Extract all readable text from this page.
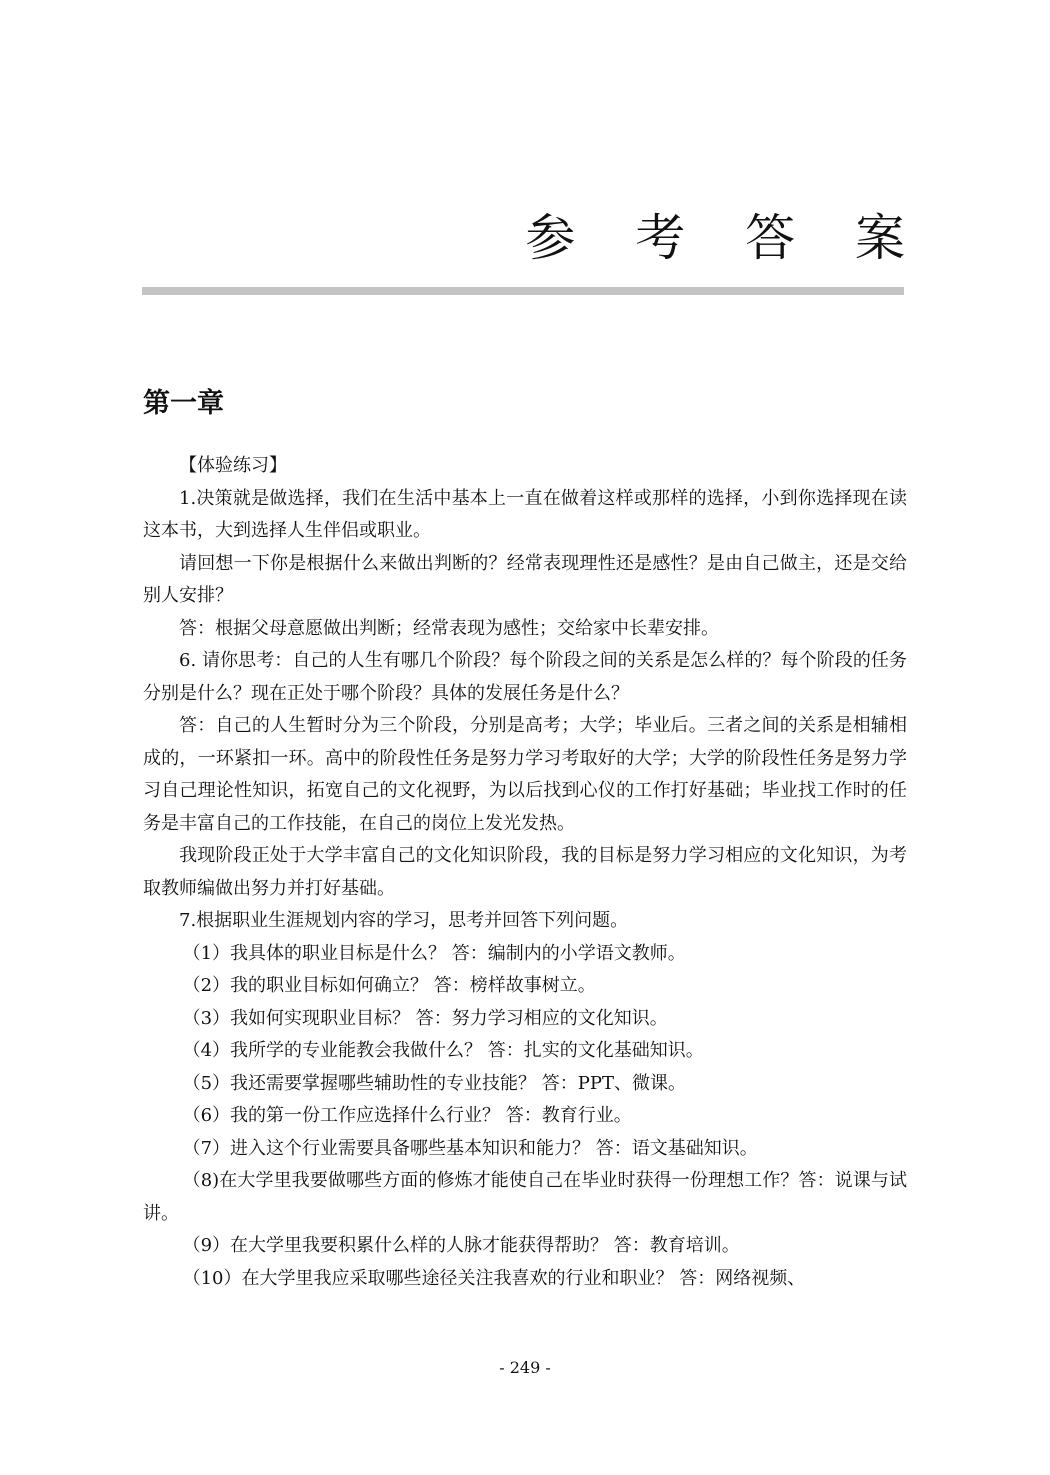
参 考 答 案
第一章

【体验练习】

1.决策就是做选择，我们在生活中基本上一直在做着这样或那样的选择，小到你选择现在读这本书，大到选择人生伴侣或职业。

请回想一下你是根据什么来做出判断的？经常表现理性还是感性？是由自己做主，还是交给别人安排？

答：根据父母意愿做出判断；经常表现为感性；交给家中长辈安排。

6. 请你思考：自己的人生有哪几个阶段？每个阶段之间的关系是怎么样的？每个阶段的任务分别是什么？现在正处于哪个阶段？具体的发展任务是什么？

答：自己的人生暂时分为三个阶段，分别是高考；大学；毕业后。三者之间的关系是相辅相成的，一环紧扣一环。高中的阶段性任务是努力学习考取好的大学；大学的阶段性任务是努力学习自己理论性知识，拓宽自己的文化视野，为以后找到心仪的工作打好基础；毕业找工作时的任务是丰富自己的工作技能，在自己的岗位上发光发热。

我现阶段正处于大学丰富自己的文化知识阶段，我的目标是努力学习相应的文化知识，为考取教师编做出努力并打好基础。

7.根据职业生涯规划内容的学习，思考并回答下列问题。

（1）我具体的职业目标是什么？ 答：编制内的小学语文教师。

（2）我的职业目标如何确立？ 答：榜样故事树立。

（3）我如何实现职业目标？ 答：努力学习相应的文化知识。

（4）我所学的专业能教会我做什么？ 答：扎实的文化基础知识。

（5）我还需要掌握哪些辅助性的专业技能？ 答：PPT、微课。

（6）我的第一份工作应选择什么行业？ 答：教育行业。

（7）进入这个行业需要具备哪些基本知识和能力？ 答：语文基础知识。

（8)在大学里我要做哪些方面的修炼才能使自己在毕业时获得一份理想工作？答：说课与试讲。

（9）在大学里我要积累什么样的人脉才能获得帮助？ 答：教育培训。

（10）在大学里我应采取哪些途径关注我喜欢的行业和职业？ 答：网络视频、

- 249 -
